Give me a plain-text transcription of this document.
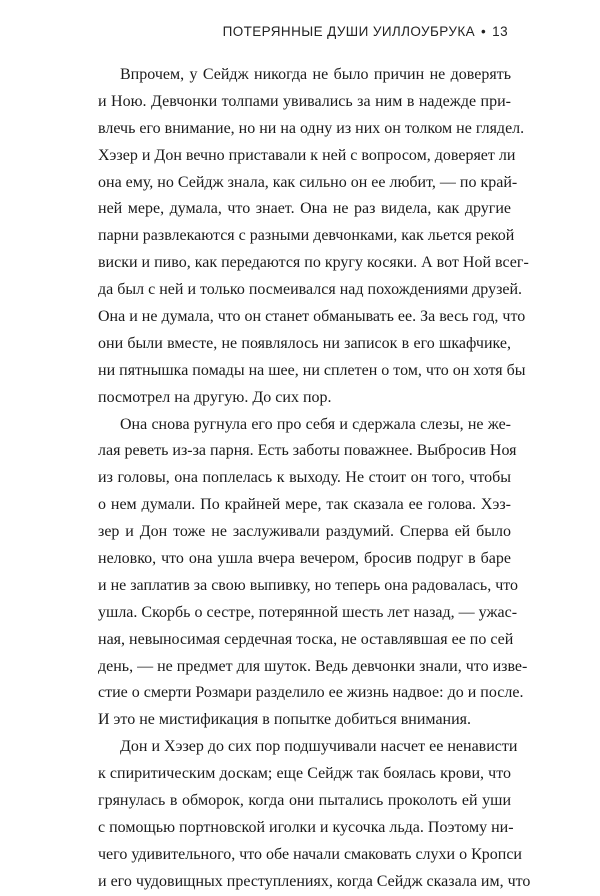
ПОТЕРЯННЫЕ ДУШИ УИЛЛОУБРУКА • 13
Впрочем, у Сейдж никогда не было причин не доверять
и Ною. Девчонки толпами увивались за ним в надежде при-
влечь его внимание, но ни на одну из них он толком не глядел.
Хэзер и Дон вечно приставали к ней с вопросом, доверяет ли
она ему, но Сейдж знала, как сильно он ее любит, — по край-
ней мере, думала, что знает. Она не раз видела, как другие
парни развлекаются с разными девчонками, как льется рекой
виски и пиво, как передаются по кругу косяки. А вот Ной всег-
да был с ней и только посмеивался над похождениями друзей.
Она и не думала, что он станет обманывать ее. За весь год, что
они были вместе, не появлялось ни записок в его шкафчике,
ни пятнышка помады на шее, ни сплетен о том, что он хотя бы
посмотрел на другую. До сих пор.
Она снова ругнула его про себя и сдержала слезы, не же-
лая реветь из-за парня. Есть заботы поважнее. Выбросив Ноя
из головы, она поплелась к выходу. Не стоит он того, чтобы
о нем думали. По крайней мере, так сказала ее голова. Хэз-
зер и Дон тоже не заслуживали раздумий. Сперва ей было
неловко, что она ушла вчера вечером, бросив подруг в баре
и не заплатив за свою выпивку, но теперь она радовалась, что
ушла. Скорбь о сестре, потерянной шесть лет назад, — ужас-
ная, невыносимая сердечная тоска, не оставлявшая ее по сей
день, — не предмет для шуток. Ведь девчонки знали, что изве-
стие о смерти Розмари разделило ее жизнь надвое: до и после.
И это не мистификация в попытке добиться внимания.
Дон и Хэзер до сих пор подшучивали насчет ее ненависти
к спиритическим доскам; еще Сейдж так боялась крови, что
грянулась в обморок, когда они пытались проколоть ей уши
с помощью портновской иголки и кусочка льда. Поэтому ни-
чего удивительного, что обе начали смаковать слухи о Кропси
и его чудовищных преступлениях, когда Сейдж сказала им, что
